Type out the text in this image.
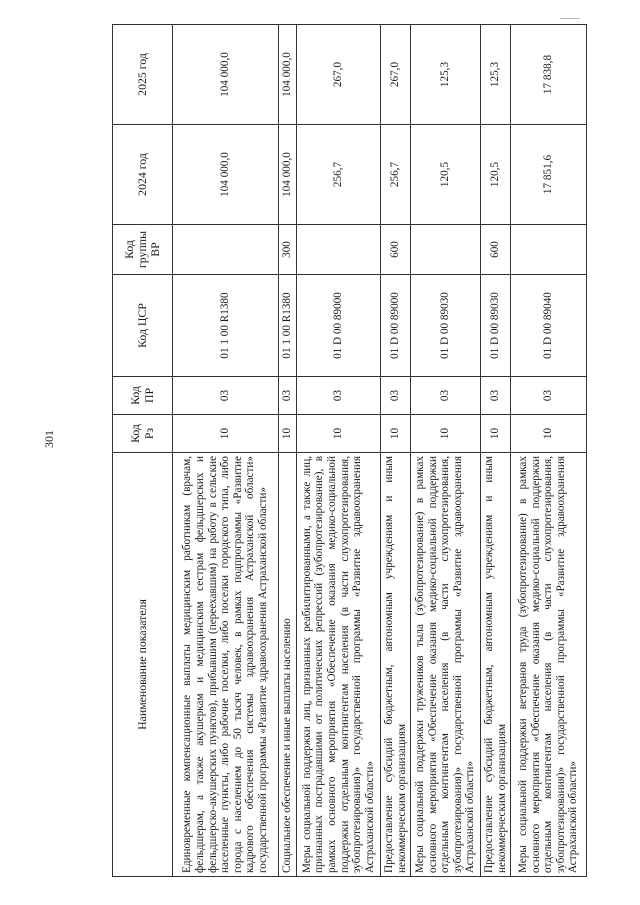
301
Наименование показателя	Код Рз	Код ПР	Код ЦСР	Код группы ВР	2024 год	2025 год
Единовременные компенсационные выплаты медицинским работникам (врачам, фельдшерам, а также акушеркам и медицинским сестрам фельдшерских и фельдшерско-акушерских пунктов), прибывшим (переехавшим) на работу в сельские населенные пункты, либо рабочие поселки, либо поселки городского типа, либо города с населением до 50 тысяч человек, в рамках подпрограммы «Развитие кадрового обеспечения системы здравоохранения Астраханской области» государственной программы «Развитие здравоохранения Астраханской области»	10	03	01 1 00 R1380		104 000,0	104 000,0
Социальное обеспечение и иные выплаты населению	10	03	01 1 00 R1380	300	104 000,0	104 000,0
Меры социальной поддержки лиц, признанных реабилитированными, а также лиц, признанных пострадавшими от политических репрессий (зубопротезирование), в рамках основного мероприятия «Обеспечение оказания медико-социальной поддержки отдельным контингентам населения (в части слухопротезирования, зубопротезирования)» государственной программы «Развитие здравоохранения Астраханской области»	10	03	01 D 00 89000		256,7	267,0
Предоставление субсидий бюджетным, автономным учреждениям и иным некоммерческим организациям	10	03	01 D 00 89000	600	256,7	267,0
Меры социальной поддержки тружеников тыла (зубопротезирование) в рамках основного мероприятия «Обеспечение оказания медико-социальной поддержки отдельным контингентам населения (в части слухопротезирования, зубопротезирования)» государственной программы «Развитие здравоохранения Астраханской области»	10	03	01 D 00 89030		120,5	125,3
Предоставление субсидий бюджетным, автономным учреждениям и иным некоммерческим организациям	10	03	01 D 00 89030	600	120,5	125,3
Меры социальной поддержки ветеранов труда (зубопротезирование) в рамках основного мероприятия «Обеспечение оказания медико-социальной поддержки отдельным контингентам населения (в части слухопротезирования, зубопротезирования)» государственной программы «Развитие здравоохранения Астраханской области»	10	03	01 D 00 89040		17 851,6	17 838,8
